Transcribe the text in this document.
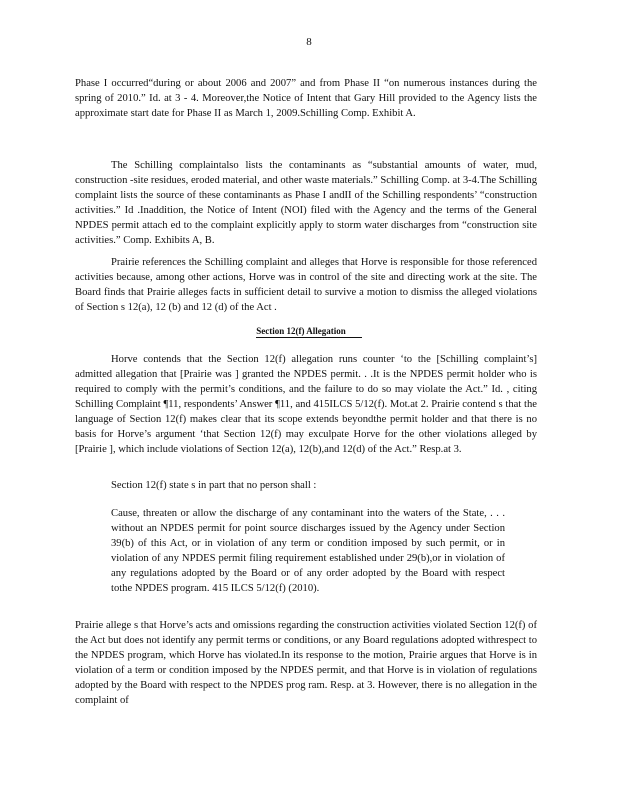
8

Phase I occurred“during or about 2006 and 2007” and from Phase II “on numerous instances during the spring of 2010.” Id. at 3 - 4. Moreover,the Notice of Intent that Gary Hill provided to the Agency lists the approximate start date for Phase II as March 1, 2009.Schilling Comp. Exhibit A.

The Schilling complaintalso lists the contaminants as “substantial amounts of water, mud, construction -site residues, eroded material, and other waste materials.” Schilling Comp. at 3-4.The Schilling complaint lists the source of these contaminants as Phase I andII of the Schilling respondents’ “construction activities.” Id .Inaddition, the Notice of Intent (NOI) filed with the Agency and the terms of the General NPDES permit attach ed to the complaint explicitly apply to storm water discharges from “construction site activities.” Comp. Exhibits A, B.

Prairie references the Schilling complaint and alleges that Horve is responsible for those referenced activities because, among other actions, Horve was in control of the site and directing work at the site. The Board finds that Prairie alleges facts in sufficient detail to survive a motion to dismiss the alleged violations of Section s 12(a), 12 (b) and 12 (d) of the Act .

Section 12(f) Allegation

Horve contends that the Section 12(f) allegation runs counter ‘to the [Schilling complaint’s] admitted allegation that [Prairie was ] granted the NPDES permit. . .It is the NPDES permit holder who is required to comply with the permit’s conditions, and the failure to do so may violate the Act.” Id. , citing Schilling Complaint ¶11, respondents’ Answer ¶11, and 415ILCS 5/12(f). Mot.at 2. Prairie contend s that the language of Section 12(f) makes clear that its scope extends beyondthe permit holder and that there is no basis for Horve’s argument ‘that Section 12(f) may exculpate Horve for the other violations alleged by [Prairie ], which include violations of Section 12(a), 12(b),and 12(d) of the Act.” Resp.at 3.

Section 12(f) state s in part that no person shall :

Cause, threaten or allow the discharge of any contaminant into the waters of the State, . . . without an NPDES permit for point source discharges issued by the Agency under Section 39(b) of this Act, or in violation of any term or condition imposed by such permit, or in violation of any NPDES permit filing requirement established under 29(b),or in violation of any regulations adopted by the Board or of any order adopted by the Board with respect tothe NPDES program. 415 ILCS 5/12(f) (2010).

Prairie allege s that Horve’s acts and omissions regarding the construction activities violated Section 12(f) of the Act but does not identify any permit terms or conditions, or any Board regulations adopted withrespect to the NPDES program, which Horve has violated.In its response to the motion, Prairie argues that Horve is in violation of a term or condition imposed by the NPDES permit, and that Horve is in violation of regulations adopted by the Board with respect to the NPDES prog ram. Resp. at 3. However, there is no allegation in the complaint of
